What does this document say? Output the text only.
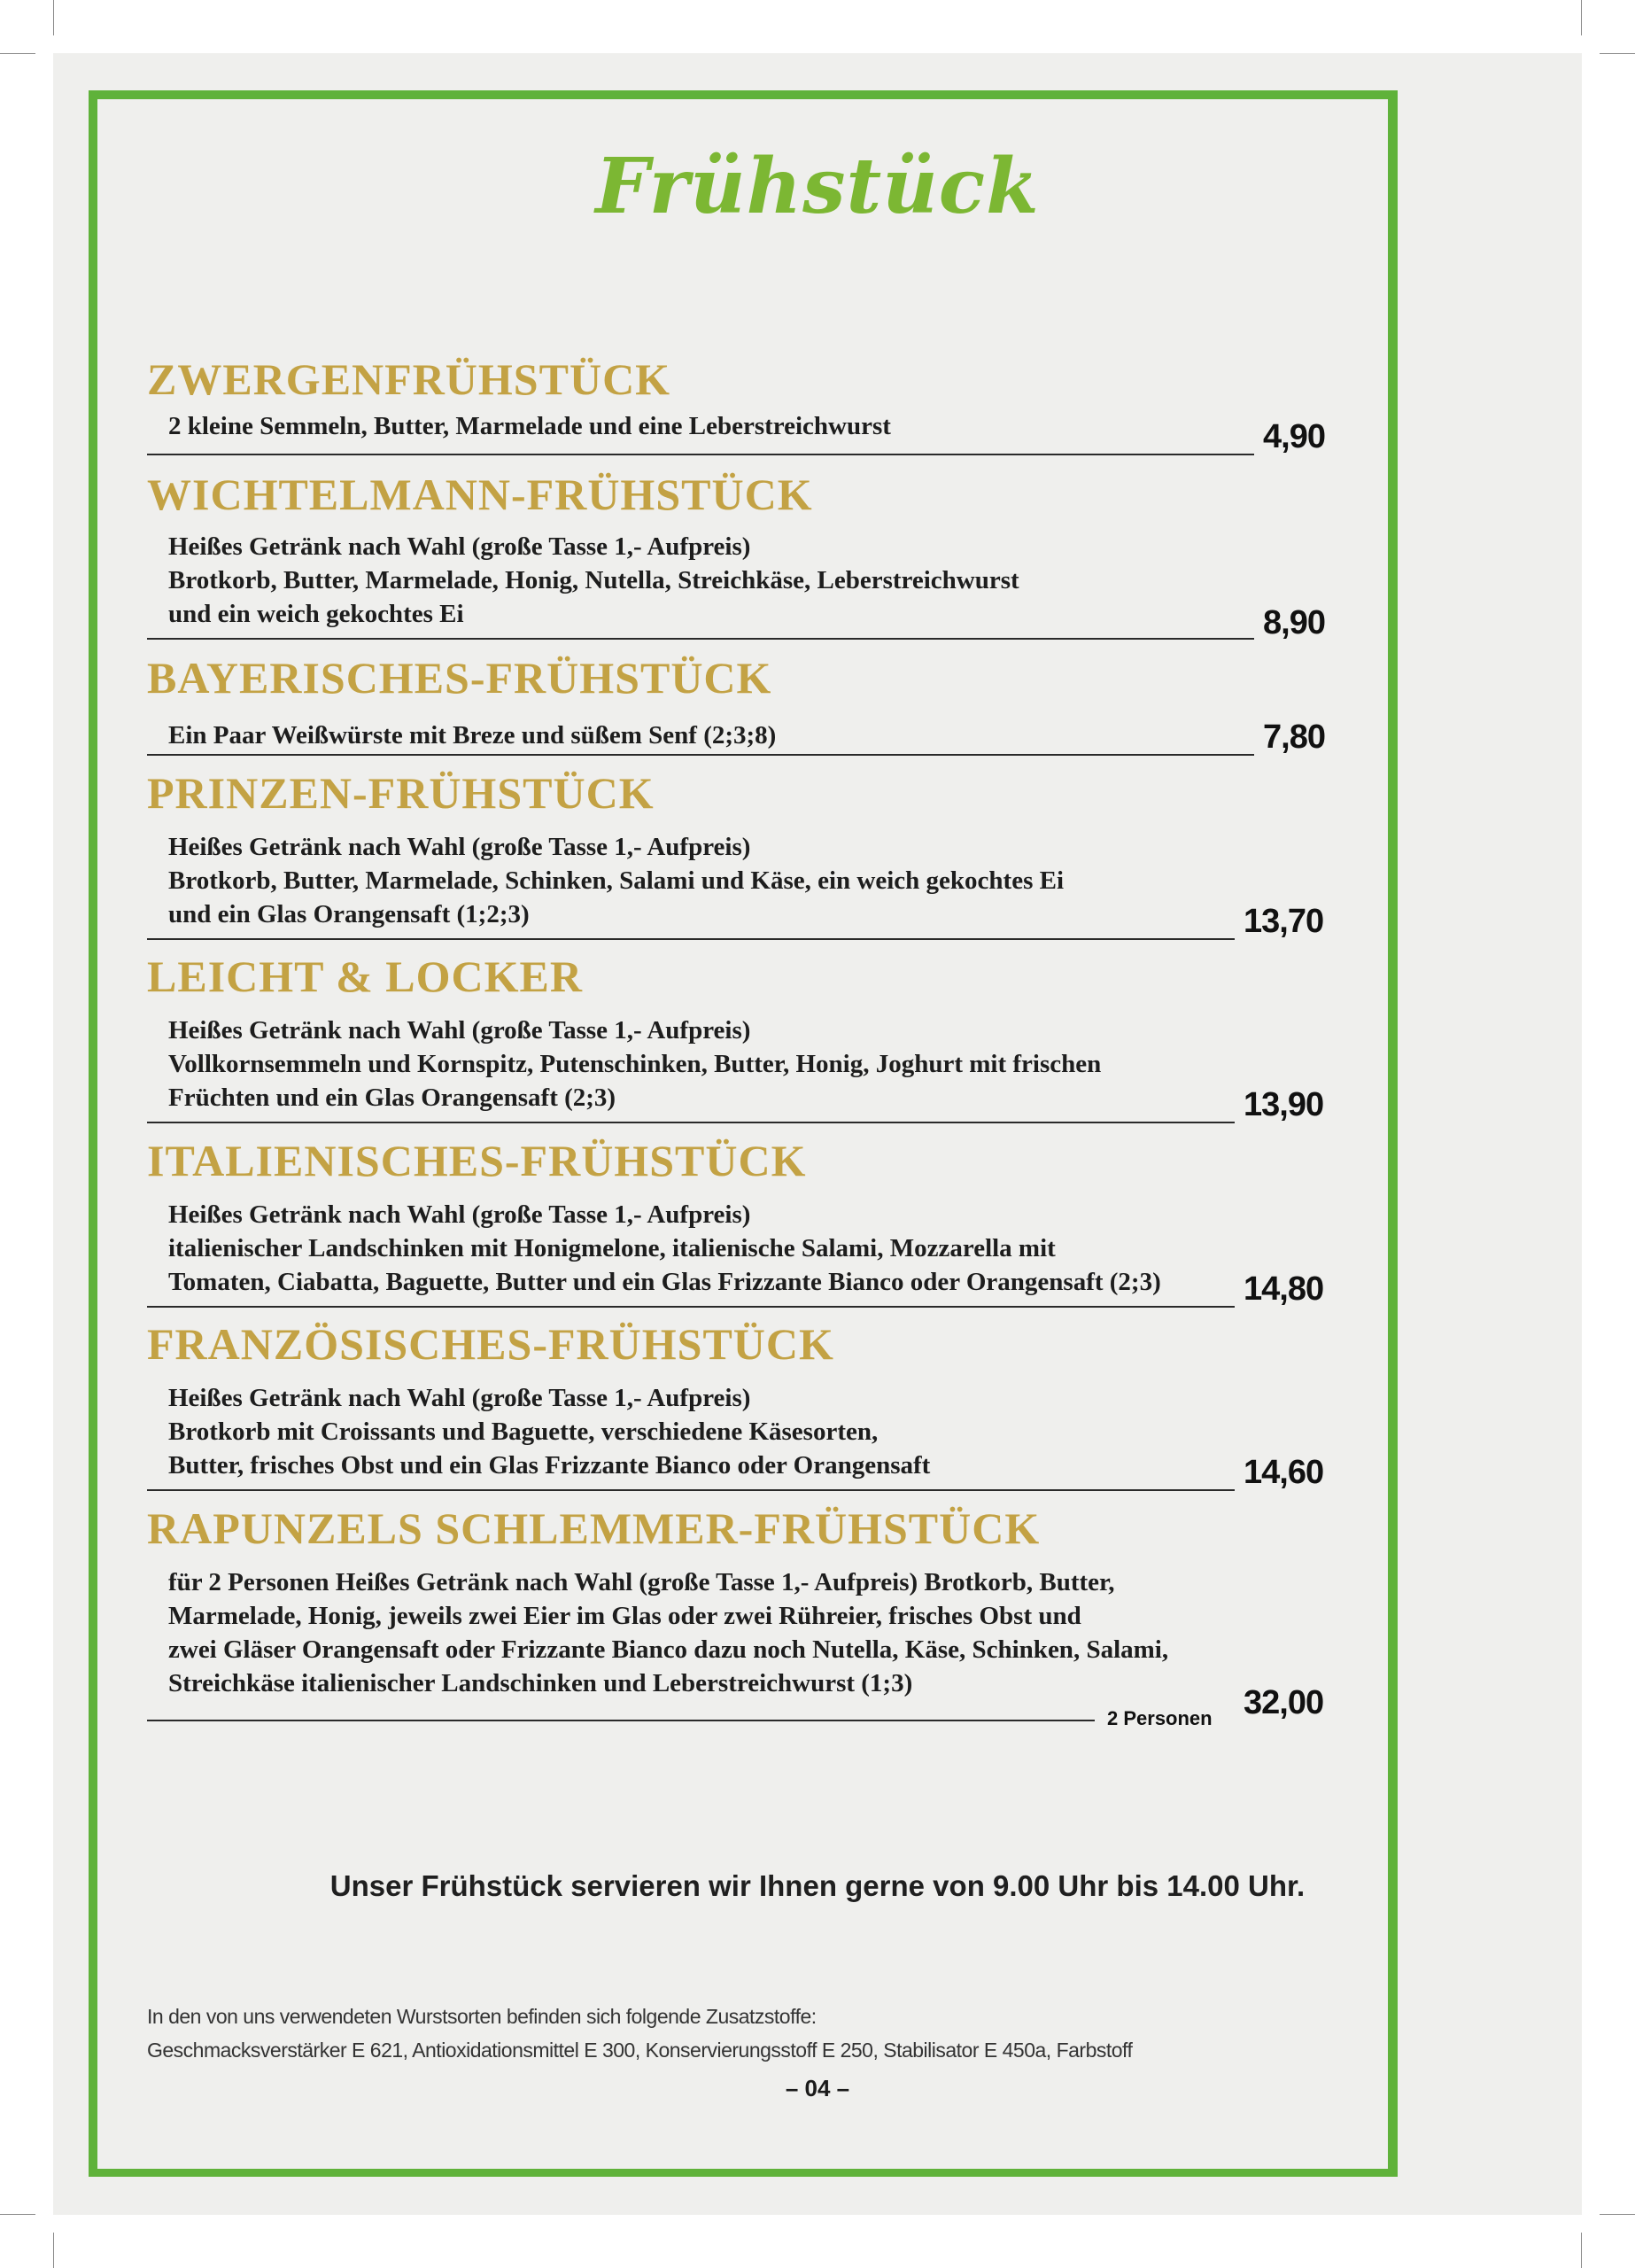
Frühstück
ZWERGENFRÜHSTÜCK
2 kleine Semmeln, Butter, Marmelade und eine Leberstreichwurst	4,90
WICHTELMANN-FRÜHSTÜCK
Heißes Getränk nach Wahl (große Tasse 1,- Aufpreis)
Brotkorb, Butter, Marmelade, Honig, Nutella, Streichkäse, Leberstreichwurst
und ein weich gekochtes Ei	8,90
BAYERISCHES-FRÜHSTÜCK
Ein Paar Weißwürste mit Breze und süßem Senf (2;3;8)	7,80
PRINZEN-FRÜHSTÜCK
Heißes Getränk nach Wahl (große Tasse 1,- Aufpreis)
Brotkorb, Butter, Marmelade, Schinken, Salami und Käse, ein weich gekochtes Ei
und ein Glas Orangensaft (1;2;3)	13,70
LEICHT & LOCKER
Heißes Getränk nach Wahl (große Tasse 1,- Aufpreis)
Vollkornsemmeln und Kornspitz, Putenschinken, Butter, Honig, Joghurt mit frischen
Früchten und ein Glas Orangensaft (2;3)	13,90
ITALIENISCHES-FRÜHSTÜCK
Heißes Getränk nach Wahl (große Tasse 1,- Aufpreis)
italienischer Landschinken mit Honigmelone, italienische Salami, Mozzarella mit
Tomaten, Ciabatta, Baguette, Butter und ein Glas Frizzante Bianco oder Orangensaft (2;3)	14,80
FRANZÖSISCHES-FRÜHSTÜCK
Heißes Getränk nach Wahl (große Tasse 1,- Aufpreis)
Brotkorb mit Croissants und Baguette, verschiedene Käsesorten,
Butter, frisches Obst und ein Glas Frizzante Bianco oder Orangensaft	14,60
RAPUNZELS SCHLEMMER-FRÜHSTÜCK
für 2 Personen Heißes Getränk nach Wahl (große Tasse 1,- Aufpreis) Brotkorb, Butter,
Marmelade, Honig, jeweils zwei Eier im Glas oder zwei Rühreier, frisches Obst und
zwei Gläser Orangensaft oder Frizzante Bianco dazu noch Nutella, Käse, Schinken, Salami,
Streichkäse italienischer Landschinken und Leberstreichwurst (1;3)
2 Personen 32,00
Unser Frühstück servieren wir Ihnen gerne von 9.00 Uhr bis 14.00 Uhr.
In den von uns verwendeten Wurstsorten befinden sich folgende Zusatzstoffe:
Geschmacksverstärker E 621, Antioxidationsmittel E 300, Konservierungsstoff E 250, Stabilisator E 450a, Farbstoff
– 04 –
